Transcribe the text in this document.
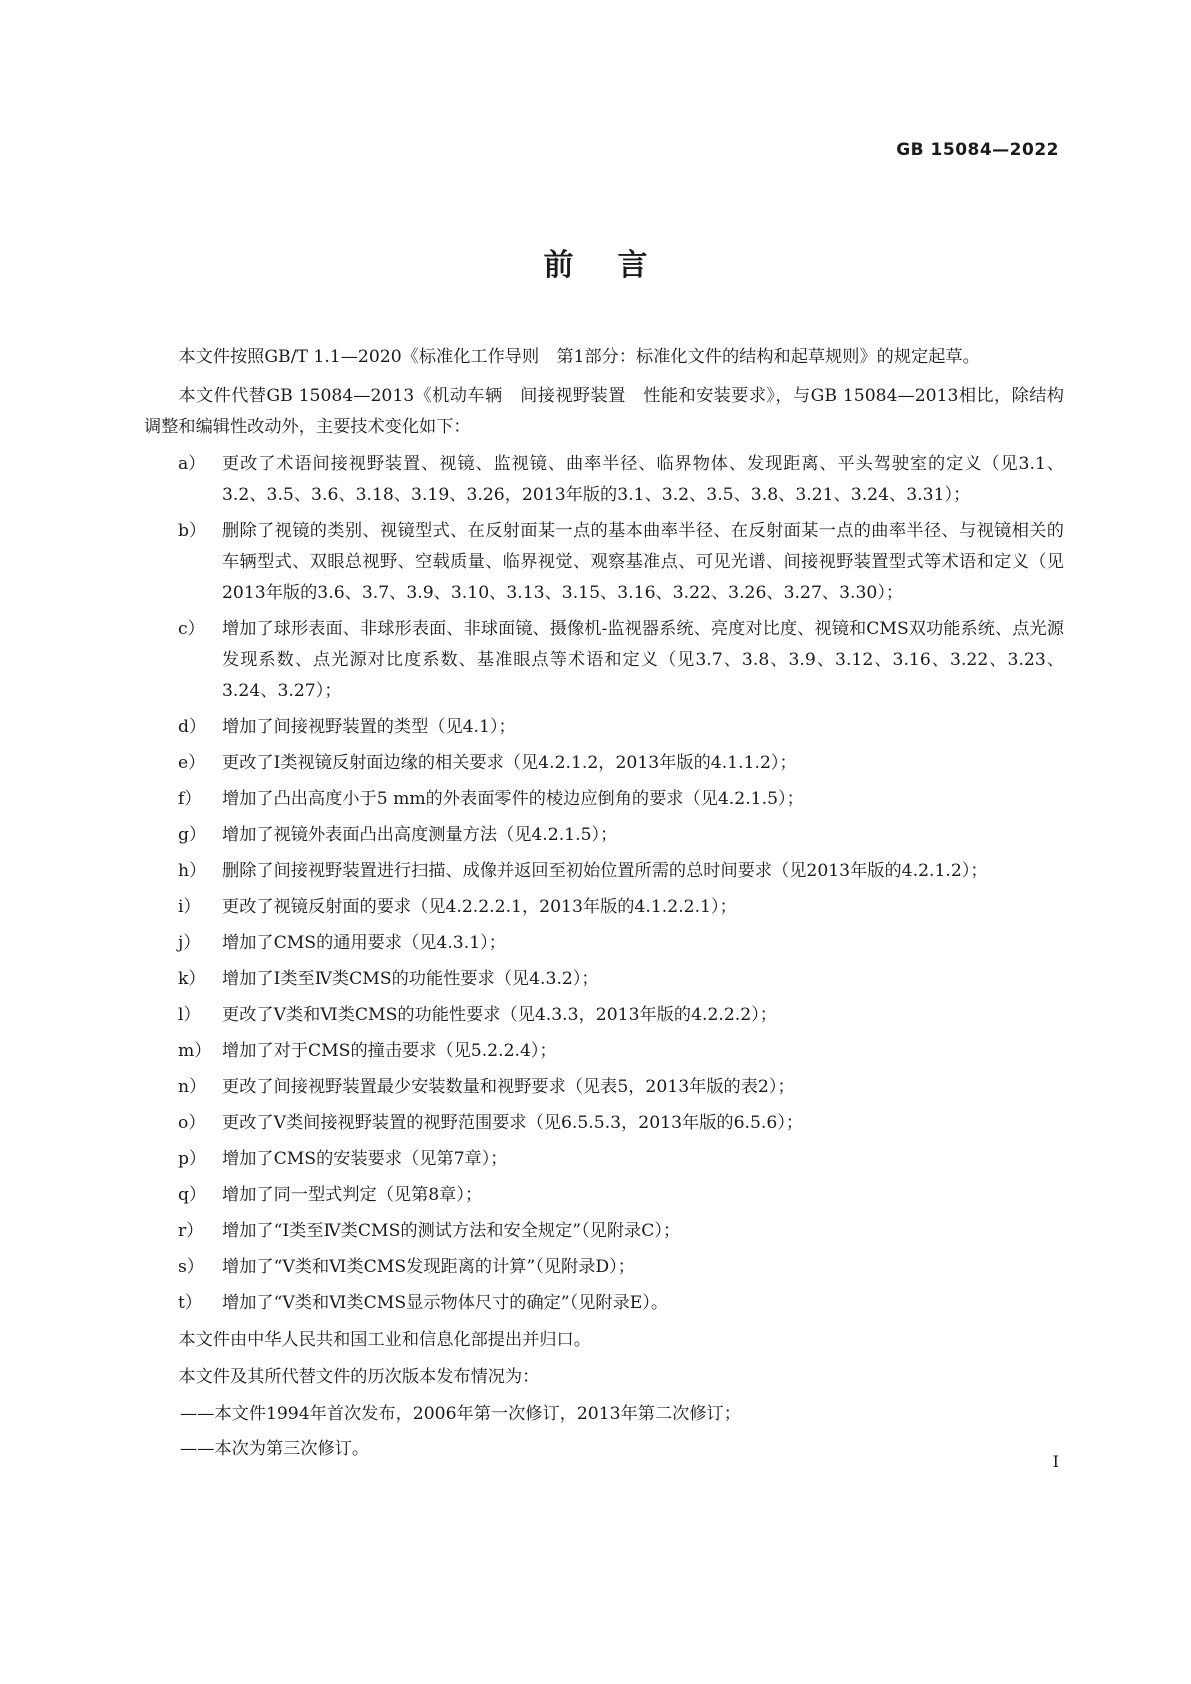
GB 15084—2022
前言

本文件按照GB/T 1.1—2020《标准化工作导则　第1部分：标准化文件的结构和起草规则》的规定起草。

本文件代替GB 15084—2013《机动车辆　间接视野装置　性能和安装要求》，与GB 15084—2013相比，除结构调整和编辑性改动外，主要技术变化如下：

a） 更改了术语间接视野装置、视镜、监视镜、曲率半径、临界物体、发现距离、平头驾驶室的定义（见3.1、3.2、3.5、3.6、3.18、3.19、3.26，2013年版的3.1、3.2、3.5、3.8、3.21、3.24、3.31）；
b） 删除了视镜的类别、视镜型式、在反射面某一点的基本曲率半径、在反射面某一点的曲率半径、与视镜相关的车辆型式、双眼总视野、空载质量、临界视觉、观察基准点、可见光谱、间接视野装置型式等术语和定义（见2013年版的3.6、3.7、3.9、3.10、3.13、3.15、3.16、3.22、3.26、3.27、3.30）；
c） 增加了球形表面、非球形表面、非球面镜、摄像机-监视器系统、亮度对比度、视镜和CMS双功能系统、点光源发现系数、点光源对比度系数、基准眼点等术语和定义（见3.7、3.8、3.9、3.12、3.16、3.22、3.23、3.24、3.27）；
d） 增加了间接视野装置的类型（见4.1）；
e） 更改了Ⅰ类视镜反射面边缘的相关要求（见4.2.1.2，2013年版的4.1.1.2）；
f） 增加了凸出高度小于5 mm的外表面零件的棱边应倒角的要求（见4.2.1.5）；
g） 增加了视镜外表面凸出高度测量方法（见4.2.1.5）；
h） 删除了间接视野装置进行扫描、成像并返回至初始位置所需的总时间要求（见2013年版的4.2.1.2）；
i） 更改了视镜反射面的要求（见4.2.2.2.1，2013年版的4.1.2.2.1）；
j） 增加了CMS的通用要求（见4.3.1）；
k） 增加了Ⅰ类至Ⅳ类CMS的功能性要求（见4.3.2）；
l） 更改了Ⅴ类和Ⅵ类CMS的功能性要求（见4.3.3，2013年版的4.2.2.2）；
m） 增加了对于CMS的撞击要求（见5.2.2.4）；
n） 更改了间接视野装置最少安装数量和视野要求（见表5，2013年版的表2）；
o） 更改了Ⅴ类间接视野装置的视野范围要求（见6.5.5.3，2013年版的6.5.6）；
p） 增加了CMS的安装要求（见第7章）；
q） 增加了同一型式判定（见第8章）；
r） 增加了“Ⅰ类至Ⅳ类CMS的测试方法和安全规定”（见附录C）；
s） 增加了“Ⅴ类和Ⅵ类CMS发现距离的计算”（见附录D）；
t） 增加了“Ⅴ类和Ⅵ类CMS显示物体尺寸的确定”（见附录E）。

本文件由中华人民共和国工业和信息化部提出并归口。

本文件及其所代替文件的历次版本发布情况为：

——本文件1994年首次发布，2006年第一次修订，2013年第二次修订；

——本次为第三次修订。

I
